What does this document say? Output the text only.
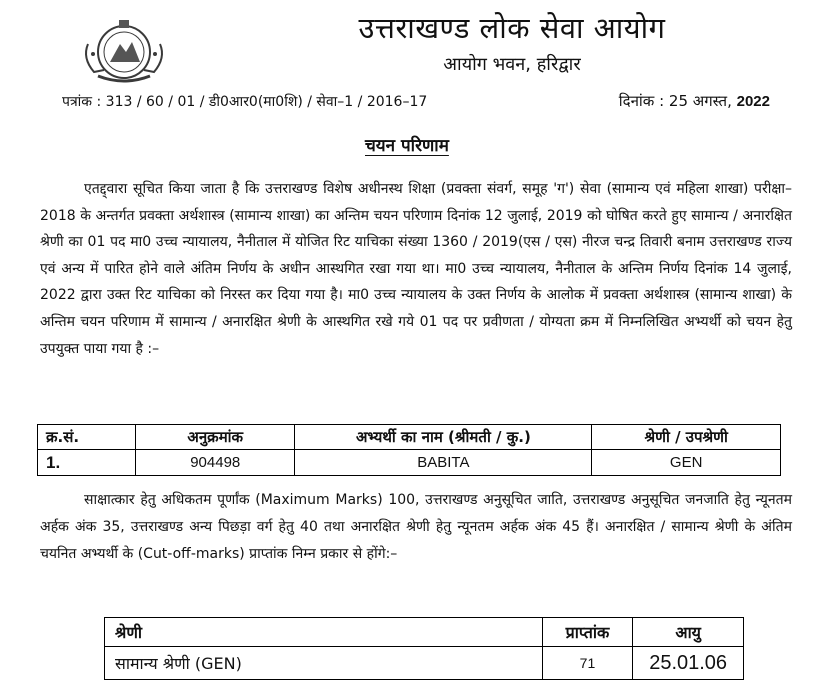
उत्तराखण्ड लोक सेवा आयोग
आयोग भवन, हरिद्वार
पत्रांक : 313 / 60 / 01 / डी0आर0(मा0शि) / सेवा–1 / 2016–17	दिनांक : 25 अगस्त, 2022
चयन परिणाम

एतद्द्वारा सूचित किया जाता है कि उत्तराखण्ड विशेष अधीनस्थ शिक्षा (प्रवक्ता संवर्ग, समूह 'ग') सेवा (सामान्य एवं महिला शाखा) परीक्षा–2018 के अन्तर्गत प्रवक्ता अर्थशास्त्र (सामान्य शाखा) का अन्तिम चयन परिणाम दिनांक 12 जुलाई, 2019 को घोषित करते हुए सामान्य / अनारक्षित श्रेणी का 01 पद मा0 उच्च न्यायालय, नैनीताल में योजित रिट याचिका संख्या 1360 / 2019(एस / एस) नीरज चन्द्र तिवारी बनाम उत्तराखण्ड राज्य एवं अन्य में पारित होने वाले अंतिम निर्णय के अधीन आस्थगित रखा गया था। मा0 उच्च न्यायालय, नैनीताल के अन्तिम निर्णय दिनांक 14 जुलाई, 2022 द्वारा उक्त रिट याचिका को निरस्त कर दिया गया है। मा0 उच्च न्यायालय के उक्त निर्णय के आलोक में प्रवक्ता अर्थशास्त्र (सामान्य शाखा) के अन्तिम चयन परिणाम में सामान्य / अनारक्षित श्रेणी के आस्थगित रखे गये 01 पद पर प्रवीणता / योग्यता क्रम में निम्नलिखित अभ्यर्थी को चयन हेतु उपयुक्त पाया गया है :–

क्र.सं.	अनुक्रमांक	अभ्यर्थी का नाम (श्रीमती / कु.)	श्रेणी / उपश्रेणी
1.	904498	BABITA	GEN

साक्षात्कार हेतु अधिकतम पूर्णांक (Maximum Marks) 100, उत्तराखण्ड अनुसूचित जाति, उत्तराखण्ड अनुसूचित जनजाति हेतु न्यूनतम अर्हक अंक 35, उत्तराखण्ड अन्य पिछड़ा वर्ग हेतु 40 तथा अनारक्षित श्रेणी हेतु न्यूनतम अर्हक अंक 45 हैं। अनारक्षित / सामान्य श्रेणी के अंतिम चयनित अभ्यर्थी के (Cut-off-marks) प्राप्तांक निम्न प्रकार से होंगे:–

श्रेणी	प्राप्तांक	आयु
सामान्य श्रेणी (GEN)	71	25.01.06
